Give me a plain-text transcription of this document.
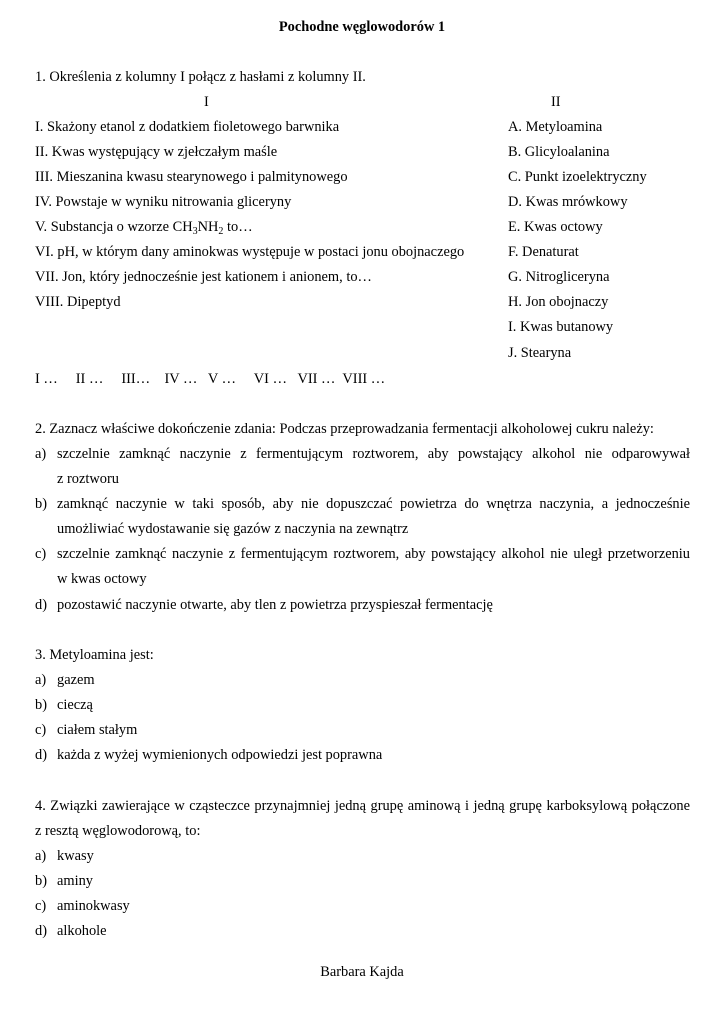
Pochodne węglowodorów 1
1. Określenia z kolumny I połącz z hasłami z kolumny II.
I	II
I. Skażony etanol z dodatkiem fioletowego barwnika
II. Kwas występujący w zjełczałym maśle
III. Mieszanina kwasu stearynowego i palmitynowego
IV. Powstaje w wyniku nitrowania gliceryny
V. Substancja o wzorze $CH_3NH_2$ to…
VI. pH, w którym dany aminokwas występuje w postaci jonu obojnaczego
VII. Jon, który jednocześnie jest kationem i anionem, to…
VIII. Dipeptyd
A. Metyloamina
B. Glicyloalanina
C. Punkt izoelektryczny
D. Kwas mrówkowy
E. Kwas octowy
F. Denaturat
G. Nitrogliceryna
H. Jon obojnaczy
I. Kwas butanowy
J. Stearyna
I …     II …     III…    IV …   V …     VI …   VII …  VIII …
2. Zaznacz właściwe dokończenie zdania: Podczas przeprowadzania fermentacji alkoholowej cukru należy:
a) szczelnie zamknąć naczynie z fermentującym roztworem, aby powstający alkohol nie odparowywał
z roztworu
b) zamknąć naczynie w taki sposób, aby nie dopuszczać powietrza do wnętrza naczynia, a jednocześnie
umożliwiać wydostawanie się gazów z naczynia na zewnątrz
c) szczelnie zamknąć naczynie z fermentującym roztworem, aby powstający alkohol nie uległ przetworzeniu
w kwas octowy
d) pozostawić naczynie otwarte, aby tlen z powietrza przyspieszał fermentację
3. Metyloamina jest:
a) gazem
b) cieczą
c) ciałem stałym
d) każda z wyżej wymienionych odpowiedzi jest poprawna
4. Związki zawierające w cząsteczce przynajmniej jedną grupę aminową i jedną grupę karboksylową połączone
z resztą węglowodorową, to:
a) kwasy
b) aminy
c) aminokwasy
d) alkohole
Barbara Kajda
